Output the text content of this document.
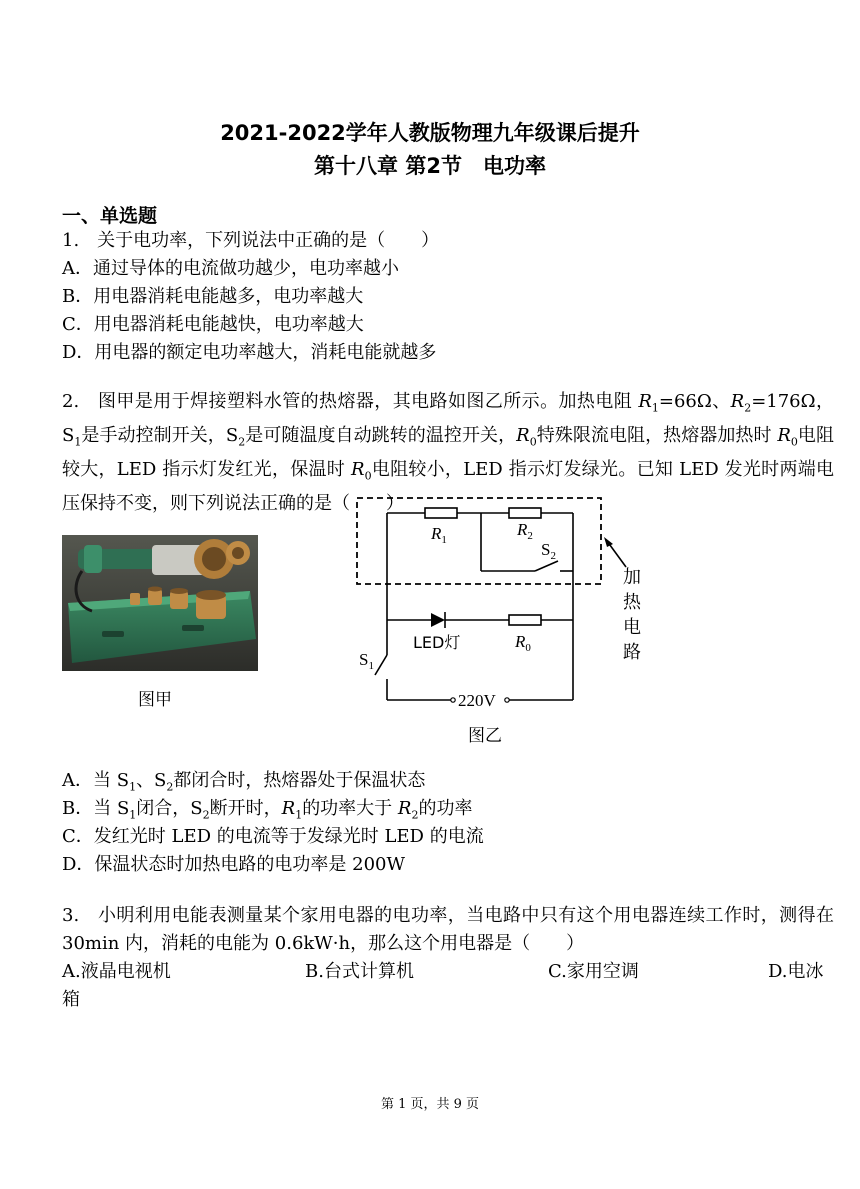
2021-2022学年人教版物理九年级课后提升
第十八章 第2节　电功率
一、单选题
1.　关于电功率，下列说法中正确的是（　　）
A．通过导体的电流做功越少，电功率越小
B．用电器消耗电能越多，电功率越大
C．用电器消耗电能越快，电功率越大
D．用电器的额定电功率越大，消耗电能就越多
2.　图甲是用于焊接塑料水管的热熔器，其电路如图乙所示。加热电阻 $R_1=66\Omega$、$R_2=176\Omega$，$S_1$是手动控制开关，$S_2$是可随温度自动跳转的温控开关，$R_0$特殊限流电阻，热熔器加热时 $R_0$电阻较大，LED 指示灯发红光，保温时 $R_0$电阻较小，LED 指示灯发绿光。已知 LED 发光时两端电压保持不变，则下列说法正确的是（　　）
图甲
$R_1$
$R_2$
$S_2$
$R_0$
$S_1$
220V
LED灯
加
热
电
路
图乙
A．当 $S_1$、$S_2$都闭合时，热熔器处于保温状态
B．当 $S_1$闭合，$S_2$断开时，$R_1$的功率大于 $R_2$的功率
C．发红光时 LED 的电流等于发绿光时 LED 的电流
D．保温状态时加热电路的电功率是 200W
3.　小明利用电能表测量某个家用电器的电功率，当电路中只有这个用电器连续工作时，测得在 30min 内，消耗的电能为 0.6kW·h，那么这个用电器是（　　）
A.液晶电视机	B.台式计算机	C.家用空调	D.电冰
箱
第 1 页，共 9 页
